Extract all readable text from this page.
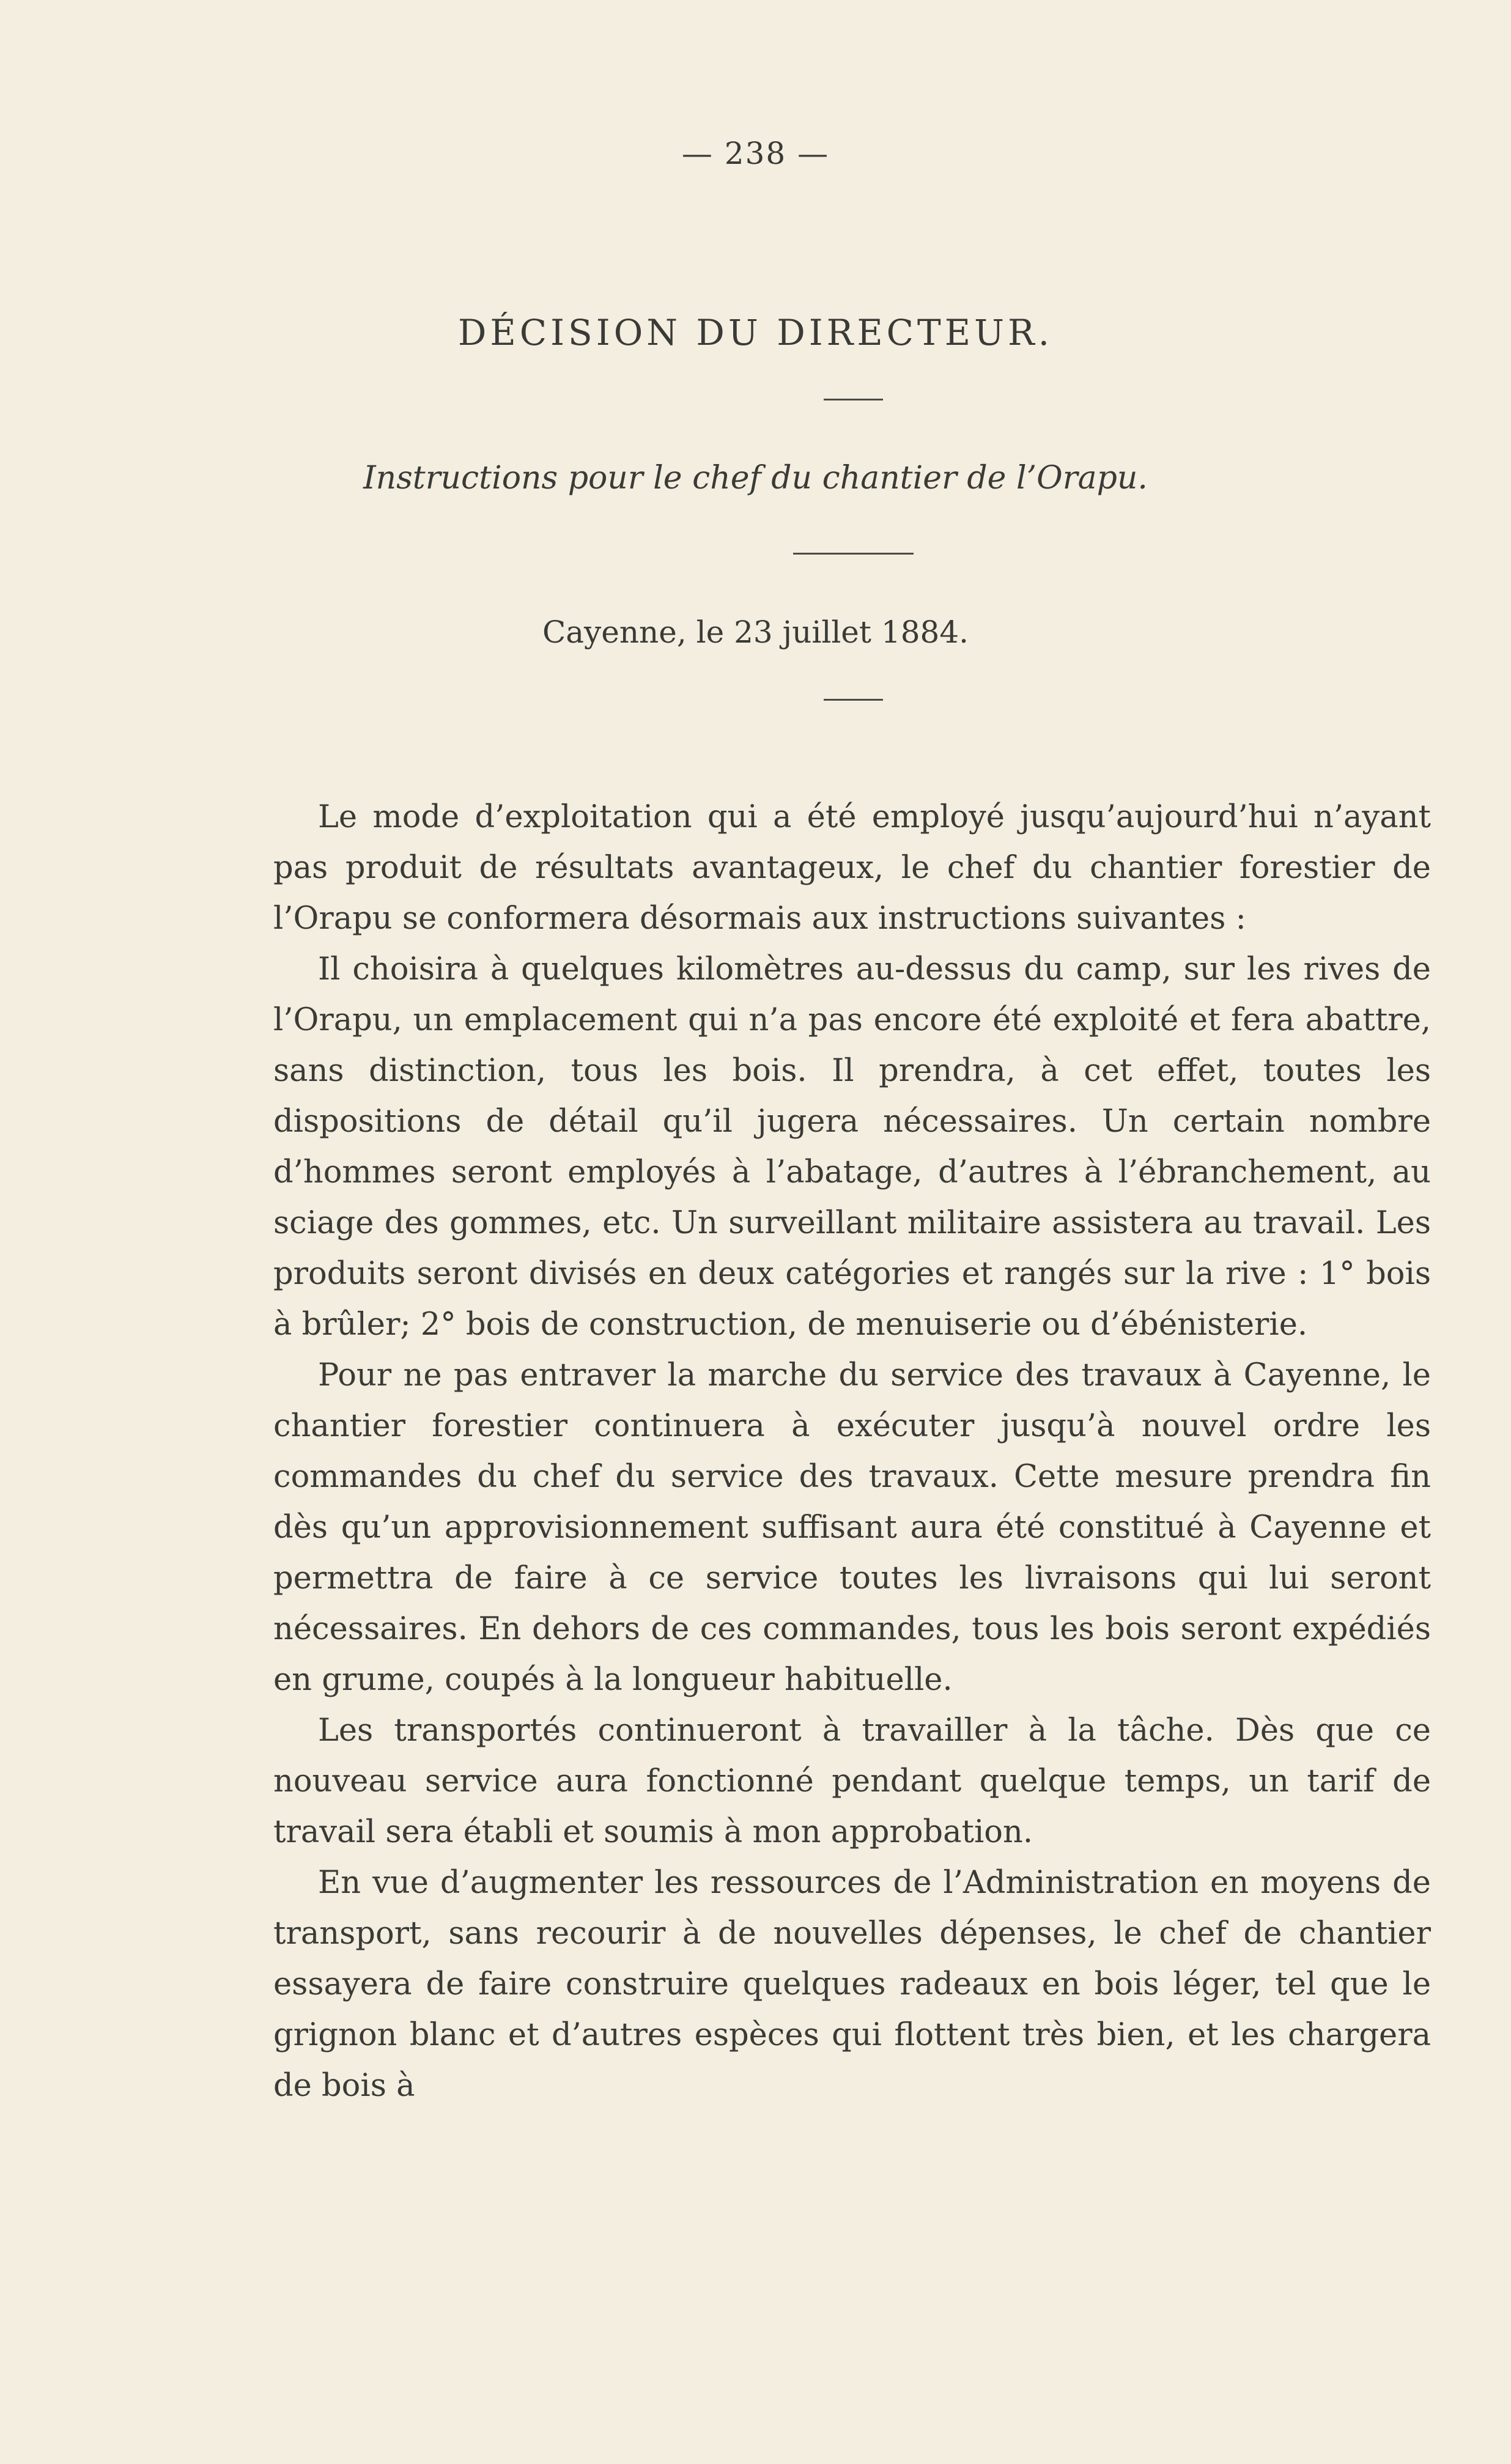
— 238 —
DÉCISION DU DIRECTEUR.
Instructions pour le chef du chantier de l’Orapu.
Cayenne, le 23 juillet 1884.

Le mode d’exploitation qui a été employé jusqu’aujourd’hui n’ayant pas produit de résultats avantageux, le chef du chantier forestier de l’Orapu se conformera désormais aux instructions suivantes :

Il choisira à quelques kilomètres au-dessus du camp, sur les rives de l’Orapu, un emplacement qui n’a pas encore été exploité et fera abattre, sans distinction, tous les bois. Il prendra, à cet effet, toutes les dispositions de détail qu’il jugera nécessaires. Un certain nombre d’hommes seront employés à l’abatage, d’autres à l’ébranchement, au sciage des gommes, etc. Un surveillant militaire assistera au travail. Les produits seront divisés en deux catégories et rangés sur la rive : 1° bois à brûler; 2° bois de construction, de menuiserie ou d’ébénisterie.

Pour ne pas entraver la marche du service des travaux à Cayenne, le chantier forestier continuera à exécuter jusqu’à nouvel ordre les commandes du chef du service des travaux. Cette mesure prendra fin dès qu’un approvisionnement suffisant aura été constitué à Cayenne et permettra de faire à ce service toutes les livraisons qui lui seront nécessaires. En dehors de ces commandes, tous les bois seront expédiés en grume, coupés à la longueur habituelle.

Les transportés continueront à travailler à la tâche. Dès que ce nouveau service aura fonctionné pendant quelque temps, un tarif de travail sera établi et soumis à mon approbation.

En vue d’augmenter les ressources de l’Administration en moyens de transport, sans recourir à de nouvelles dépenses, le chef de chantier essayera de faire construire quelques radeaux en bois léger, tel que le grignon blanc et d’autres espèces qui flottent très bien, et les chargera de bois à
